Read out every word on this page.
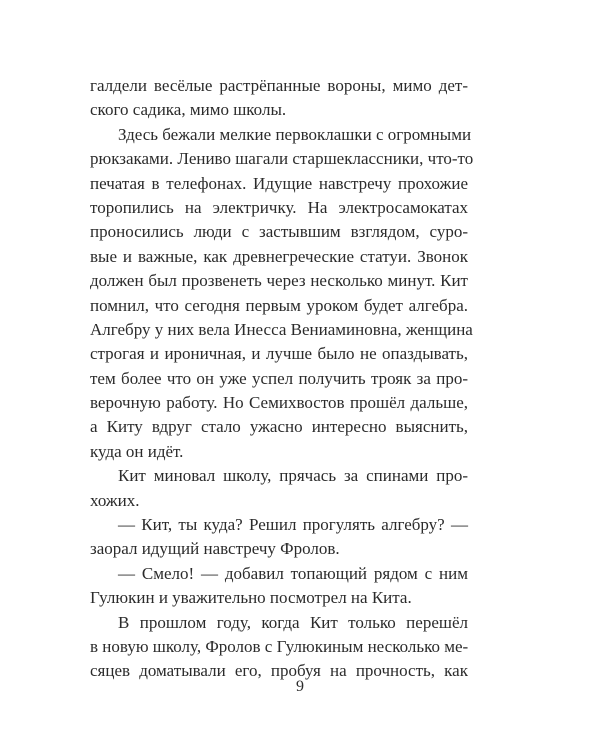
галдели весёлые растрёпанные вороны, мимо дет-
ского садика, мимо школы.
Здесь бежали мелкие первоклашки с огромными
рюкзаками. Лениво шагали старшеклассники, что-то
печатая в телефонах. Идущие навстречу прохожие
торопились на электричку. На электросамокатах
проносились люди с застывшим взглядом, суро-
вые и важные, как древнегреческие статуи. Звонок
должен был прозвенеть через несколько минут. Кит
помнил, что сегодня первым уроком будет алгебра.
Алгебру у них вела Инесса Вениаминовна, женщина
строгая и ироничная, и лучше было не опаздывать,
тем более что он уже успел получить трояк за про-
верочную работу. Но Семихвостов прошёл дальше,
а Киту вдруг стало ужасно интересно выяснить,
куда он идёт.
Кит миновал школу, прячась за спинами про-
хожих.
— Кит, ты куда? Решил прогулять алгебру? —
заорал идущий навстречу Фролов.
— Смело! — добавил топающий рядом с ним
Гулюкин и уважительно посмотрел на Кита.
В прошлом году, когда Кит только перешёл
в новую школу, Фролов с Гулюкиным несколько ме-
сяцев доматывали его, пробуя на прочность, как
9
